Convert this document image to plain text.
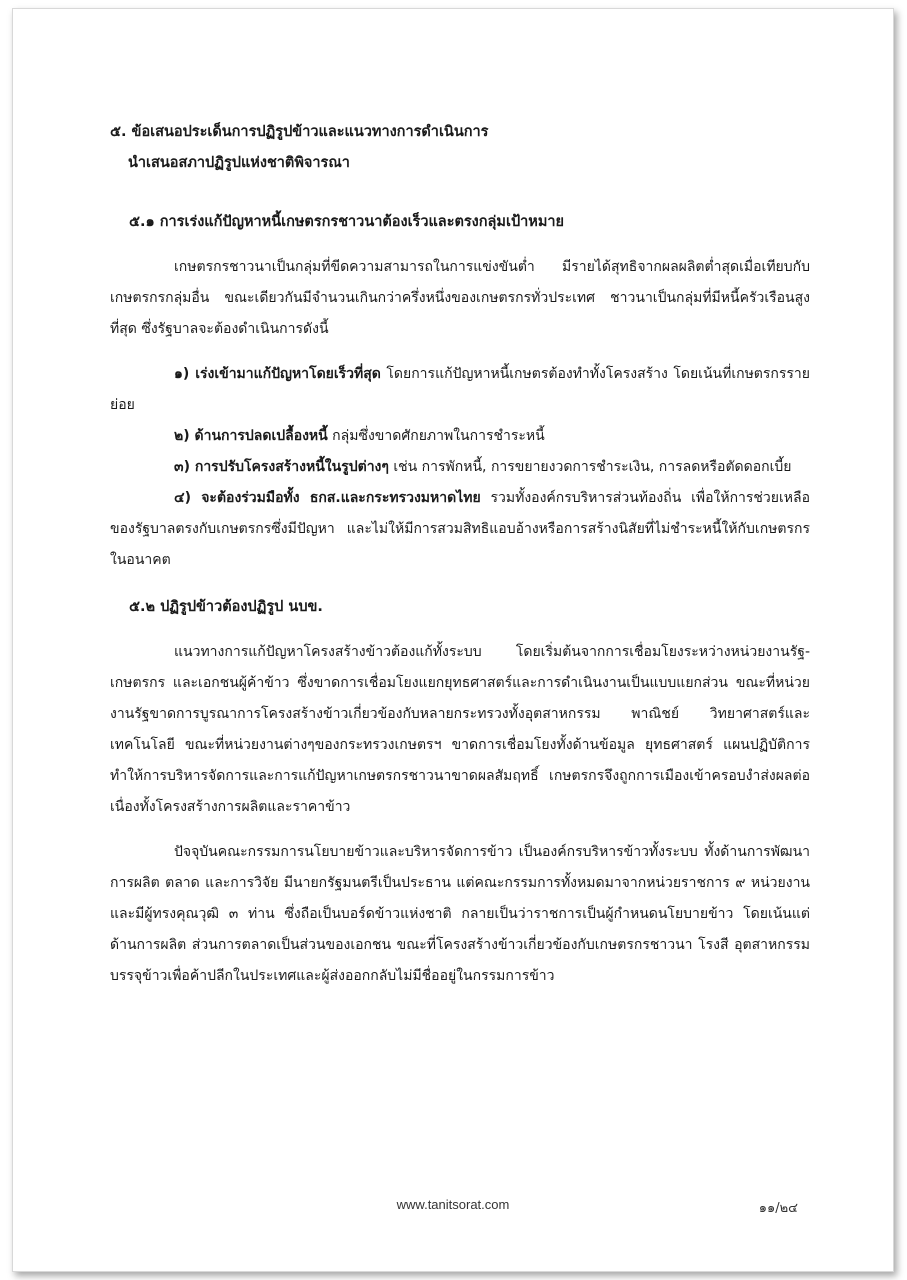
๕. ข้อเสนอประเด็นการปฏิรูปข้าวและแนวทางการดำเนินการ
นำเสนอสภาปฏิรูปแห่งชาติพิจารณา
๕.๑ การเร่งแก้ปัญหาหนี้เกษตรกรชาวนาต้องเร็วและตรงกลุ่มเป้าหมาย

เกษตรกรชาวนาเป็นกลุ่มที่ขีดความสามารถในการแข่งขันต่ำ มีรายได้สุทธิจากผลผลิตต่ำสุดเมื่อเทียบกับเกษตรกรกลุ่มอื่น ขณะเดียวกันมีจำนวนเกินกว่าครึ่งหนึ่งของเกษตรกรทั่วประเทศ ชาวนาเป็นกลุ่มที่มีหนี้ครัวเรือนสูงที่สุด ซึ่งรัฐบาลจะต้องดำเนินการดังนี้

๑) เร่งเข้ามาแก้ปัญหาโดยเร็วที่สุด โดยการแก้ปัญหาหนี้เกษตรต้องทำทั้งโครงสร้าง โดยเน้นที่เกษตรกรรายย่อย

๒) ด้านการปลดเปลื้องหนี้ กลุ่มซึ่งขาดศักยภาพในการชำระหนี้

๓) การปรับโครงสร้างหนี้ในรูปต่างๆ เช่น การพักหนี้, การขยายงวดการชำระเงิน, การลดหรือตัดดอกเบี้ย

๔) จะต้องร่วมมือทั้ง ธกส.และกระทรวงมหาดไทย รวมทั้งองค์กรบริหารส่วนท้องถิ่น เพื่อให้การช่วยเหลือของรัฐบาลตรงกับเกษตรกรซึ่งมีปัญหา และไม่ให้มีการสวมสิทธิแอบอ้างหรือการสร้างนิสัยที่ไม่ชำระหนี้ให้กับเกษตรกรในอนาคต

๕.๒ ปฏิรูปข้าวต้องปฏิรูป นบข.

แนวทางการแก้ปัญหาโครงสร้างข้าวต้องแก้ทั้งระบบ โดยเริ่มต้นจากการเชื่อมโยงระหว่างหน่วยงานรัฐ-เกษตรกร และเอกชนผู้ค้าข้าว ซึ่งขาดการเชื่อมโยงแยกยุทธศาสตร์และการดำเนินงานเป็นแบบแยกส่วน ขณะที่หน่วยงานรัฐขาดการบูรณาการโครงสร้างข้าวเกี่ยวข้องกับหลายกระทรวงทั้งอุตสาหกรรม พาณิชย์ วิทยาศาสตร์และเทคโนโลยี ขณะที่หน่วยงานต่างๆของกระทรวงเกษตรฯ ขาดการเชื่อมโยงทั้งด้านข้อมูล ยุทธศาสตร์ แผนปฏิบัติการ ทำให้การบริหารจัดการและการแก้ปัญหาเกษตรกรชาวนาขาดผลสัมฤทธิ์ เกษตรกรจึงถูกการเมืองเข้าครอบงำส่งผลต่อเนื่องทั้งโครงสร้างการผลิตและราคาข้าว

ปัจจุบันคณะกรรมการนโยบายข้าวและบริหารจัดการข้าว เป็นองค์กรบริหารข้าวทั้งระบบ ทั้งด้านการพัฒนา การผลิต ตลาด และการวิจัย มีนายกรัฐมนตรีเป็นประธาน แต่คณะกรรมการทั้งหมดมาจากหน่วยราชการ ๙ หน่วยงาน และมีผู้ทรงคุณวุฒิ ๓ ท่าน ซึ่งถือเป็นบอร์ดข้าวแห่งชาติ กลายเป็นว่าราชการเป็นผู้กำหนดนโยบายข้าว โดยเน้นแต่ด้านการผลิต ส่วนการตลาดเป็นส่วนของเอกชน ขณะที่โครงสร้างข้าวเกี่ยวข้องกับเกษตรกรชาวนา โรงสี อุตสาหกรรมบรรจุข้าวเพื่อค้าปลีกในประเทศและผู้ส่งออกกลับไม่มีชื่ออยู่ในกรรมการข้าว

www.tanitsorat.com	๑๑/๒๔
